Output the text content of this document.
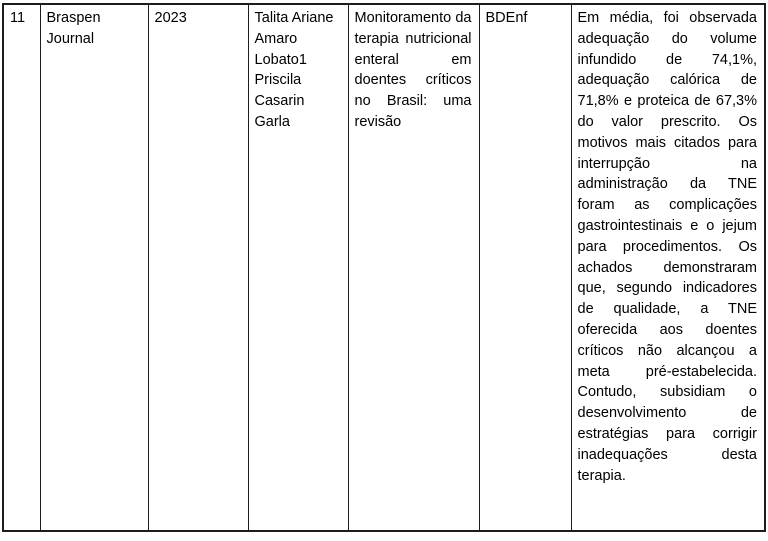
11	Braspen Journal	2023	Talita Ariane Amaro Lobato1 Priscila Casarin Garla	Monitoramento da terapia nutricional enteral em doentes críticos no Brasil: uma revisão	BDEnf	Em média, foi observada adequação do volume infundido de 74,1%, adequação calórica de 71,8% e proteica de 67,3% do valor prescrito. Os motivos mais citados para interrupção na administração da TNE foram as complicações gastrointestinais e o jejum para procedimentos. Os achados demonstraram que, segundo indicadores de qualidade, a TNE oferecida aos doentes críticos não alcançou a meta pré-estabelecida. Contudo, subsidiam o desenvolvimento de estratégias para corrigir inadequações desta terapia.
